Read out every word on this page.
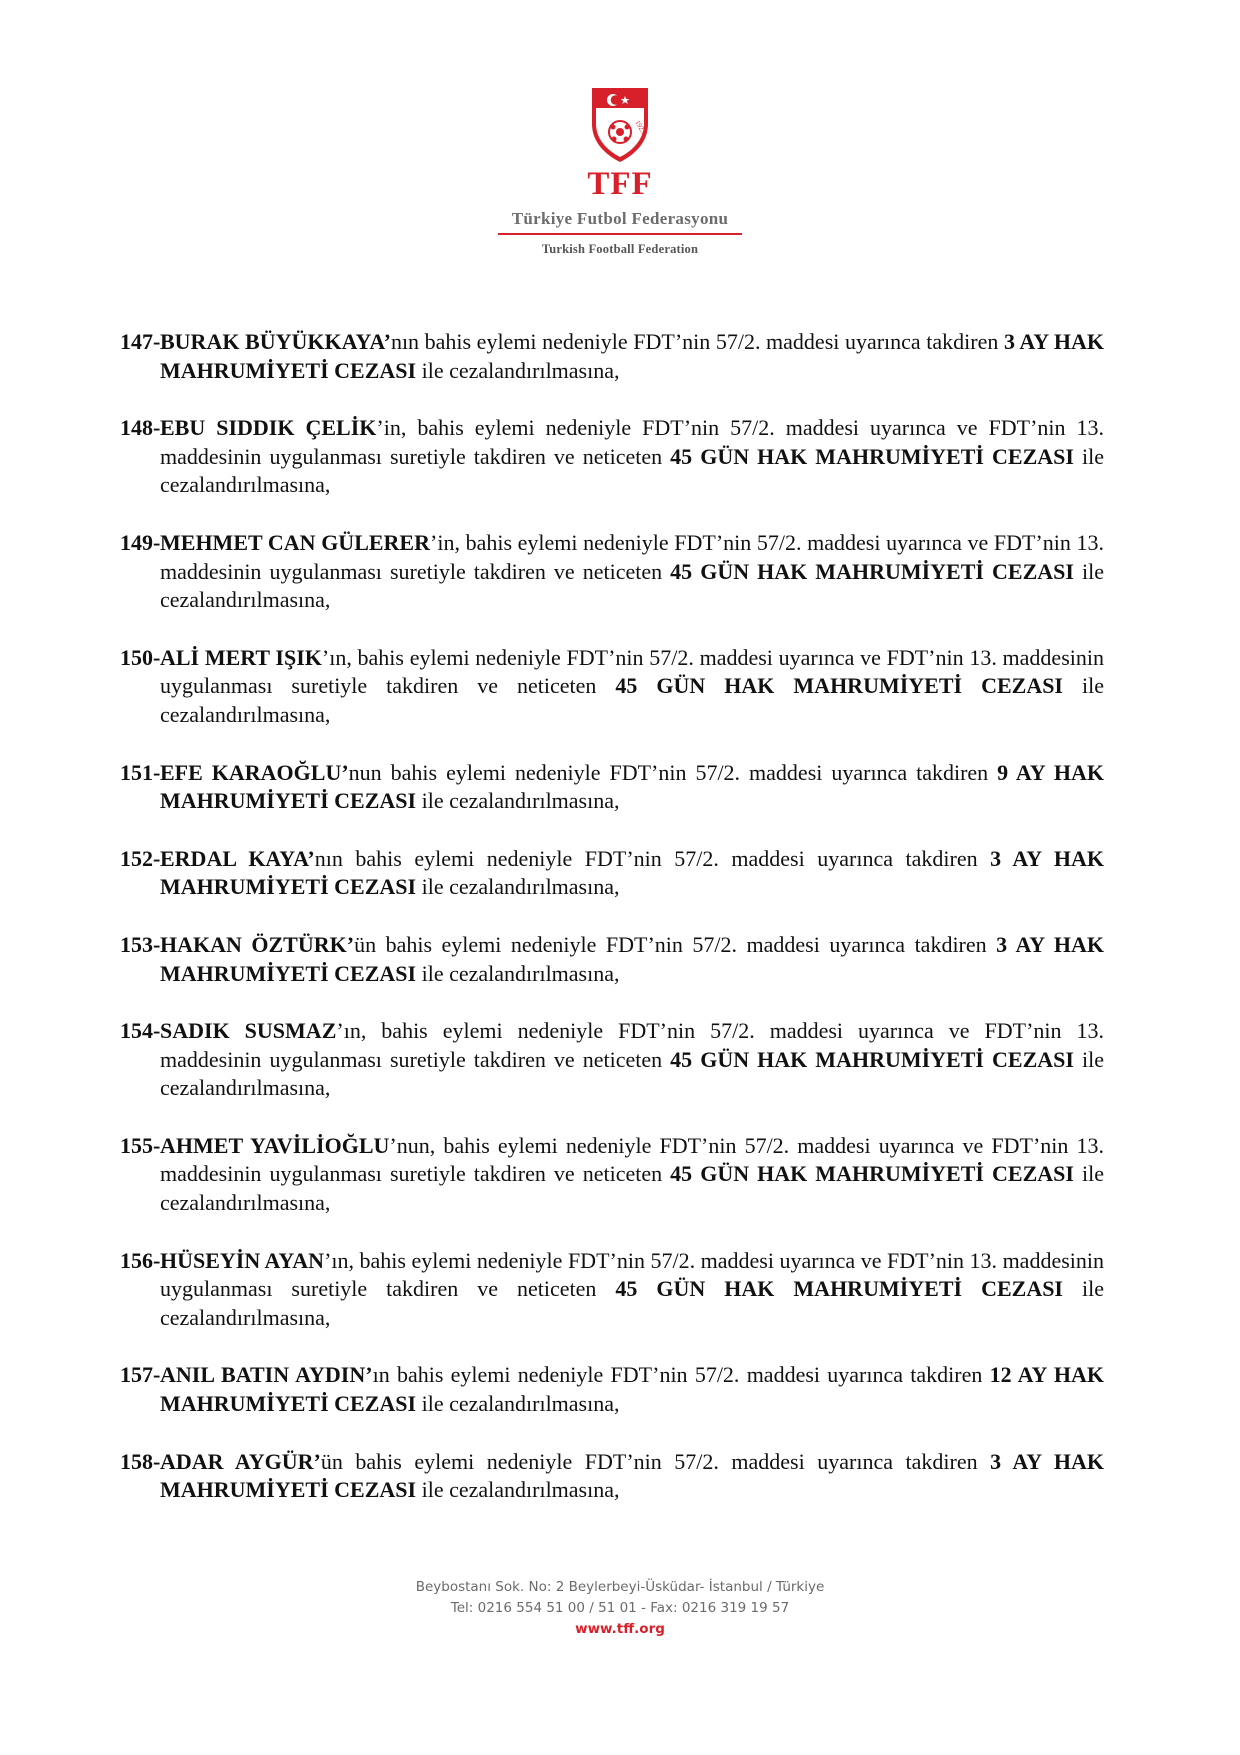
1923
TFF
Türkiye Futbol Federasyonu
Turkish Football Federation
147- BURAK BÜYÜKKAYA’nın bahis eylemi nedeniyle FDT’nin 57/2. maddesi uyarınca takdiren 3 AY HAK MAHRUMİYETİ CEZASI ile cezalandırılmasına,
148- EBU SIDDIK ÇELİK’in, bahis eylemi nedeniyle FDT’nin 57/2. maddesi uyarınca ve FDT’nin 13. maddesinin uygulanması suretiyle takdiren ve neticeten 45 GÜN HAK MAHRUMİYETİ CEZASI ile cezalandırılmasına,
149- MEHMET CAN GÜLERER’in, bahis eylemi nedeniyle FDT’nin 57/2. maddesi uyarınca ve FDT’nin 13. maddesinin uygulanması suretiyle takdiren ve neticeten 45 GÜN HAK MAHRUMİYETİ CEZASI ile cezalandırılmasına,
150- ALİ MERT IŞIK’ın, bahis eylemi nedeniyle FDT’nin 57/2. maddesi uyarınca ve FDT’nin 13. maddesinin uygulanması suretiyle takdiren ve neticeten 45 GÜN HAK MAHRUMİYETİ CEZASI ile cezalandırılmasına,
151- EFE KARAOĞLU’nun bahis eylemi nedeniyle FDT’nin 57/2. maddesi uyarınca takdiren 9 AY HAK MAHRUMİYETİ CEZASI ile cezalandırılmasına,
152- ERDAL KAYA’nın bahis eylemi nedeniyle FDT’nin 57/2. maddesi uyarınca takdiren 3 AY HAK MAHRUMİYETİ CEZASI ile cezalandırılmasına,
153- HAKAN ÖZTÜRK’ün bahis eylemi nedeniyle FDT’nin 57/2. maddesi uyarınca takdiren 3 AY HAK MAHRUMİYETİ CEZASI ile cezalandırılmasına,
154- SADIK SUSMAZ’ın, bahis eylemi nedeniyle FDT’nin 57/2. maddesi uyarınca ve FDT’nin 13. maddesinin uygulanması suretiyle takdiren ve neticeten 45 GÜN HAK MAHRUMİYETİ CEZASI ile cezalandırılmasına,
155- AHMET YAVİLİOĞLU’nun, bahis eylemi nedeniyle FDT’nin 57/2. maddesi uyarınca ve FDT’nin 13. maddesinin uygulanması suretiyle takdiren ve neticeten 45 GÜN HAK MAHRUMİYETİ CEZASI ile cezalandırılmasına,
156- HÜSEYİN AYAN’ın, bahis eylemi nedeniyle FDT’nin 57/2. maddesi uyarınca ve FDT’nin 13. maddesinin uygulanması suretiyle takdiren ve neticeten 45 GÜN HAK MAHRUMİYETİ CEZASI ile cezalandırılmasına,
157- ANIL BATIN AYDIN’ın bahis eylemi nedeniyle FDT’nin 57/2. maddesi uyarınca takdiren 12 AY HAK MAHRUMİYETİ CEZASI ile cezalandırılmasına,
158- ADAR AYGÜR’ün bahis eylemi nedeniyle FDT’nin 57/2. maddesi uyarınca takdiren 3 AY HAK MAHRUMİYETİ CEZASI ile cezalandırılmasına,
Beybostanı Sok. No: 2 Beylerbeyi-Üsküdar- İstanbul / Türkiye
Tel: 0216 554 51 00 / 51 01 - Fax: 0216 319 19 57
www.tff.org
